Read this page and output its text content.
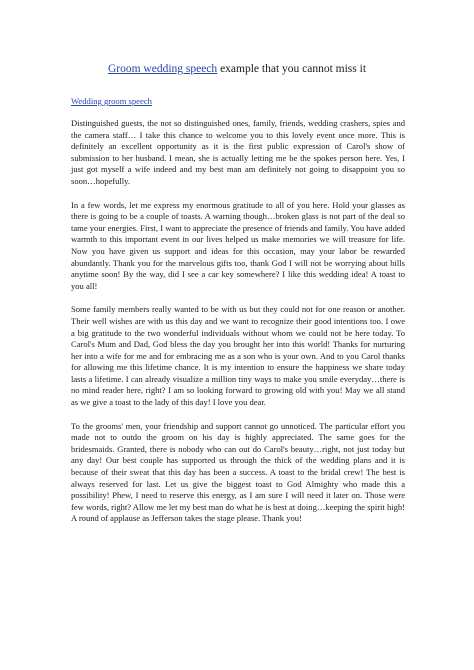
Groom wedding speech example that you cannot miss it
Wedding groom speech

Distinguished guests, the not so distinguished ones, family, friends, wedding crashers, spies and the camera staff… I take this chance to welcome you to this lovely event once more. This is definitely an excellent opportunity as it is the first public expression of Carol's show of submission to her husband. I mean, she is actually letting me be the spokes person here. Yes, I just got myself a wife indeed and my best man am definitely not going to disappoint you so soon…hopefully.

In a few words, let me express my enormous gratitude to all of you here. Hold your glasses as there is going to be a couple of toasts. A warning though…broken glass is not part of the deal so tame your energies. First, I want to appreciate the presence of friends and family. You have added warmth to this important event in our lives helped us make memories we will treasure for life. Now you have given us support and ideas for this occasion, may your labor be rewarded abundantly. Thank you for the marvelous gifts too, thank God I will not be worrying about bills anytime soon! By the way, did I see a car key somewhere? I like this wedding idea! A toast to you all!

Some family members really wanted to be with us but they could not for one reason or another. Their well wishes are with us this day and we want to recognize their good intentions too. I owe a big gratitude to the two wonderful individuals without whom we could not be here today. To Carol's Mum and Dad, God bless the day you brought her into this world! Thanks for nurturing her into a wife for me and for embracing me as a son who is your own. And to you Carol thanks for allowing me this lifetime chance. It is my intention to ensure the happiness we share today lasts a lifetime. I can already visualize a million tiny ways to make you smile everyday…there is no mind reader here, right? I am so looking forward to growing old with you! May we all stand as we give a toast to the lady of this day! I love you dear.

To the grooms' men, your friendship and support cannot go unnoticed. The particular effort you made not to outdo the groom on his day is highly appreciated. The same goes for the bridesmaids. Granted, there is nobody who can out do Carol's beauty…right, not just today but any day! Our best couple has supported us through the thick of the wedding plans and it is because of their sweat that this day has been a success. A toast to the bridal crew! The best is always reserved for last. Let us give the biggest toast to God Almighty who made this a possibility! Phew, I need to reserve this energy, as I am sure I will need it later on. Those were few words, right? Allow me let my best man do what he is best at doing…keeping the spirit high! A round of applause as Jefferson takes the stage please. Thank you!
